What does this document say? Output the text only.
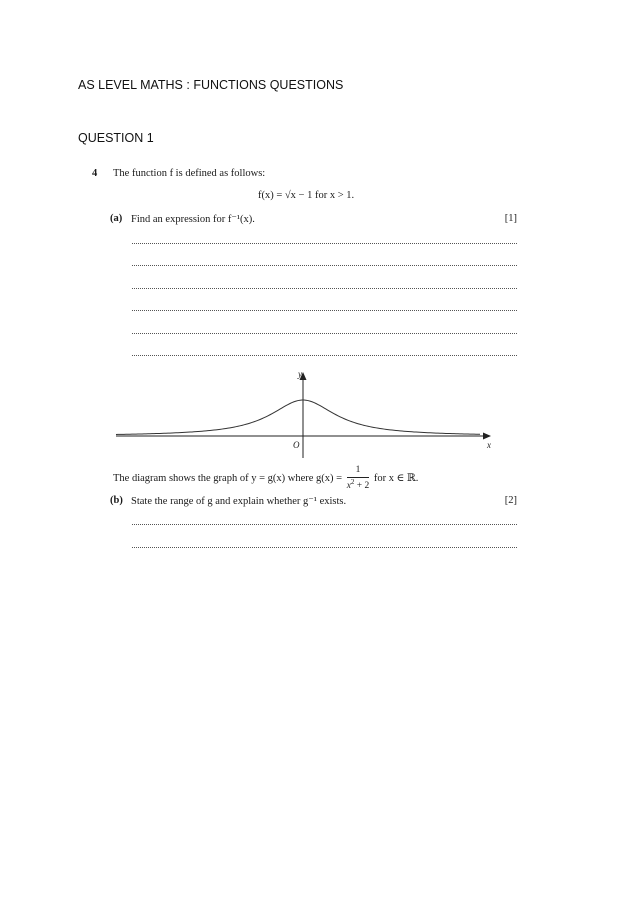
AS LEVEL MATHS : FUNCTIONS QUESTIONS
QUESTION 1
4 The function f is defined as follows:
f(x) = √x − 1 for x > 1.
(a) Find an expression for f⁻¹(x).	[1]
y
x
O
The diagram shows the graph of y = g(x) where $g(x) = \frac{1}{x^2 + 2}$ for x ∈ ℝ.
(b) State the range of g and explain whether g⁻¹ exists.	[2]
